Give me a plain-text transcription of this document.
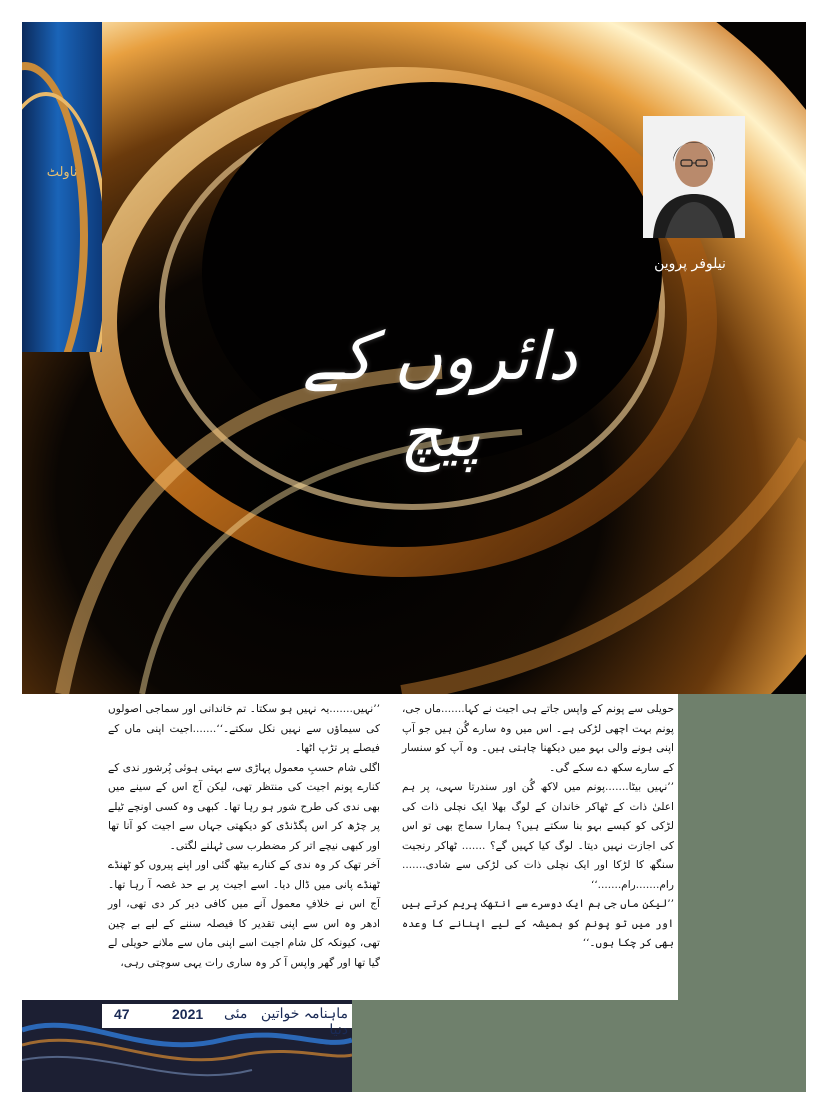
ناولٹ
نیلوفر پروین
دائروں کے پیچ

حویلی سے پونم کے واپس جاتے ہی اجیت نے کہا.......ماں جی، پونم بہت اچھی لڑکی ہے۔ اس میں وہ سارے گُن ہیں جو آپ اپنی ہونے والی بہو میں دیکھنا چاہتی ہیں۔ وہ آپ کو سنسار کے سارے سکھ دے سکے گی۔

’’نہیں بیٹا.......پونم میں لاکھ گُن اور سندرتا سہی، پر ہم اعلیٰ ذات کے ٹھاکر خاندان کے لوگ بھلا ایک نچلی ذات کی لڑکی کو کیسے بہو بنا سکتے ہیں؟ ہمارا سماج بھی تو اس کی اجازت نہیں دیتا۔ لوگ کیا کہیں گے؟ ....... ٹھاکر رنجیت سنگھ کا لڑکا اور ایک نچلی ذات کی لڑکی سے شادی....... رام.......رام.......‘‘

’’لیکن ماں جی ہم ایک دوسرے سے انتھک پریم کرتے ہیں اور میں تو پونم کو ہمیشہ کے لیے اپنانے کا وعدہ بھی کر چکا ہوں۔‘‘

’’نہیں.......یہ نہیں ہو سکتا۔ تم خاندانی اور سماجی اصولوں کی سیماؤں سے نہیں نکل سکتے۔‘‘.......اجیت اپنی ماں کے فیصلے پر تڑپ اٹھا۔

اگلی شام حسبِ معمول پہاڑی سے بہتی ہوئی پُرشور ندی کے کنارے پونم اجیت کی منتظر تھی، لیکن آج اس کے سینے میں بھی ندی کی طرح شور ہو رہا تھا۔ کبھی وہ کسی اونچے ٹیلے پر چڑھ کر اس پگڈنڈی کو دیکھتی جہاں سے اجیت کو آنا تھا اور کبھی نیچے اتر کر مضطرب سی ٹہلنے لگتی۔

آخر تھک کر وہ ندی کے کنارے بیٹھ گئی اور اپنے پیروں کو ٹھنڈے ٹھنڈے پانی میں ڈال دیا۔ اسے اجیت پر بے حد غصہ آ رہا تھا۔ آج اس نے خلافِ معمول آنے میں کافی دیر کر دی تھی، اور ادھر وہ اس سے اپنی تقدیر کا فیصلہ سننے کے لیے بے چین تھی، کیونکہ کل شام اجیت اسے اپنی ماں سے ملانے حویلی لے گیا تھا اور گھر واپس آ کر وہ ساری رات یہی سوچتی رہی،

47	2021 مئی ماہنامہ خواتین دنیا
